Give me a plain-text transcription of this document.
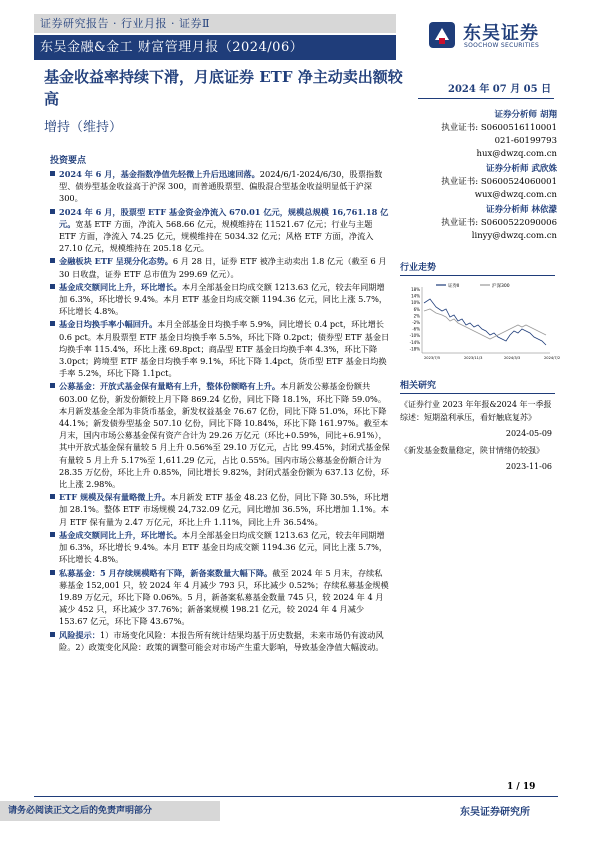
证券研究报告 · 行业月报 · 证券Ⅱ
东吴金融&金工 财富管理月报（2024/06）
东吴证券
SOOCHOW SECURITIES
基金收益率持续下滑，月底证券 ETF 净主动卖出额较高
增持（维持）
2024 年 07 月 05 日
证券分析师 胡翔
执业证书: S0600516110001
021-60199793
hux@dwzq.com.cn
证券分析师 武欣姝
执业证书: S0600524060001
wux@dwzq.com.cn
证券分析师 林依濛
执业证书: S0600522090006
linyy@dwzq.com.cn
行业走势
18%
14%
10%
6%
2%
-2%
-6%
-10%
-14%
-18%
2023/7/5	2023/11/3	2024/3/3	2024/7/2
证券Ⅱ	沪深300
相关研究
《证券行业 2023 年年报&2024 年一季报综述：短期盈利承压，看好触底复苏》
2024-05-09
《新发基金数量稳定，陕甘情绪仍较强》
2023-11-06
投资要点
2024 年 6 月，基金指数净值先轻微上升后迅速回落。2024/6/1-2024/6/30，股票指数型、债券型基金收益高于沪深 300，而普通股票型、偏股混合型基金收益明显低于沪深 300。
2024 年 6 月，股票型 ETF 基金资金净流入 670.01 亿元，规模总规模 16,761.18 亿元。宽基 ETF 方面，净流入 568.66 亿元，规模维持在 11521.67 亿元；行业与主题 ETF 方面，净流入 74.25 亿元，规模维持在 5034.32 亿元；风格 ETF 方面，净流入 27.10 亿元，规模维持在 205.18 亿元。
金融板块 ETF 呈现分化态势。6 月 28 日，证券 ETF 被净主动卖出 1.8 亿元（截至 6 月 30 日收盘，证券 ETF 总市值为 299.69 亿元）。
基金成交额同比上升，环比增长。本月全部基金日均成交额 1213.63 亿元，较去年同期增加 6.3%，环比增长 9.4%。本月 ETF 基金日均成交额 1194.36 亿元，同比上涨 5.7%，环比增长 4.8%。
基金日均换手率小幅回升。本月全部基金日均换手率 5.9%，同比增长 0.4 pct，环比增长 0.6 pct。本月股票型 ETF 基金日均换手率 5.5%，环比下降 0.2pct；债券型 ETF 基金日均换手率 115.4%，环比上涨 69.8pct；商品型 ETF 基金日均换手率 4.3%，环比下降 3.0pct；跨境型 ETF 基金日均换手率 9.1%，环比下降 1.4pct，货币型 ETF 基金日均换手率 5.2%，环比下降 1.1pct。
公募基金：开放式基金保有量略有上升，整体份额略有上升。本月新发公募基金份额共 603.00 亿份，新发份额较上月下降 869.24 亿份，同比下降 18.1%，环比下降 59.0%。本月新发基金全部为非货币基金，新发权益基金 76.67 亿份，同比下降 51.0%，环比下降 44.1%；新发债券型基金 507.10 亿份，同比下降 10.84%，环比下降 161.97%。截至本月末，国内市场公募基金保有资产合计为 29.26 万亿元（环比+0.59%，同比+6.91%），其中开放式基金保有量较 5 月上升 0.56%至 29.10 万亿元，占比 99.45%，封闭式基金保有量较 5 月上升 5.17%至 1,611.29 亿元，占比 0.55%。国内市场公募基金份额合计为 28.35 万亿份，环比上升 0.85%，同比增长 9.82%，封闭式基金份额为 637.13 亿份，环比上涨 2.98%。
ETF 规模及保有量略微上升。本月新发 ETF 基金 48.23 亿份，同比下降 30.5%，环比增加 28.1%。整体 ETF 市场规模 24,732.09 亿元，同比增加 36.5%，环比增加 1.1%。本月 ETF 保有量为 2.47 万亿元，环比上升 1.11%，同比上升 36.54%。
基金成交额同比上升，环比增长。本月全部基金日均成交额 1213.63 亿元，较去年同期增加 6.3%，环比增长 9.4%。本月 ETF 基金日均成交额 1194.36 亿元，同比上涨 5.7%，环比增长 4.8%。
私募基金：5 月存续规模略有下降，新备案数量大幅下降。截至 2024 年 5 月末，存续私募基金 152,001 只，较 2024 年 4 月减少 793 只，环比减少 0.52%；存续私募基金规模 19.89 万亿元，环比下降 0.06%。5 月，新备案私募基金数量 745 只，较 2024 年 4 月减少 452 只，环比减少 37.76%；新备案规模 198.21 亿元，较 2024 年 4 月减少 153.67 亿元，环比下降 43.67%。
风险提示：1）市场变化风险：本报告所有统计结果均基于历史数据，未来市场仍有波动风险。2）政策变化风险：政策的调整可能会对市场产生重大影响，导致基金净值大幅波动。
1 / 19
请务必阅读正文之后的免责声明部分	东吴证券研究所
